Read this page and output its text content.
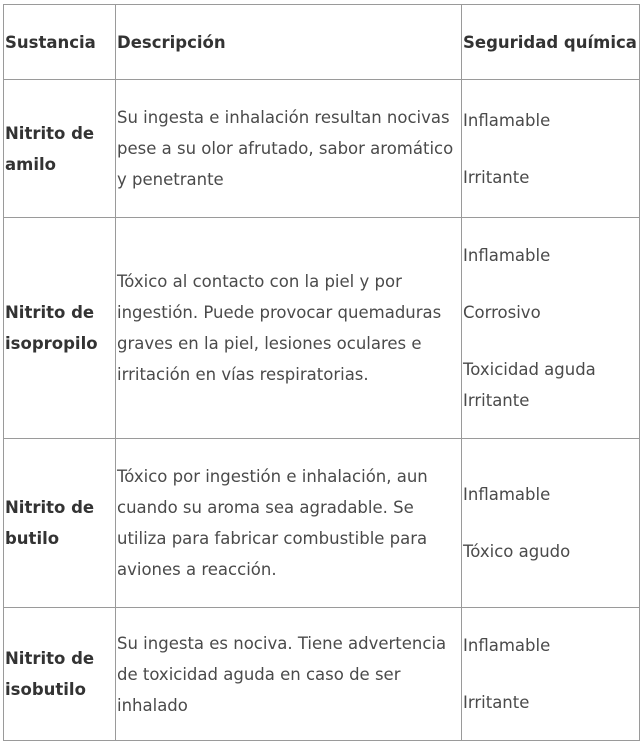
Sustancia	Descripción	Seguridad química
Nitrito de amilo	Su ingesta e inhalación resultan nocivas pese a su olor afrutado, sabor aromático y penetrante	Inflamable
Irritante

Nitrito de isopropilo	Tóxico al contacto con la piel y por ingestión. Puede provocar quemaduras graves en la piel, lesiones oculares e irritación en vías respiratorias.	Inflamable
Corrosivo
Toxicidad aguda
Irritante

Nitrito de butilo	Tóxico por ingestión e inhalación, aun cuando su aroma sea agradable. Se utiliza para fabricar combustible para aviones a reacción.	Inflamable
Tóxico agudo

Nitrito de isobutilo	Su ingesta es nociva. Tiene advertencia de toxicidad aguda en caso de ser inhalado	Inflamable
Irritante
